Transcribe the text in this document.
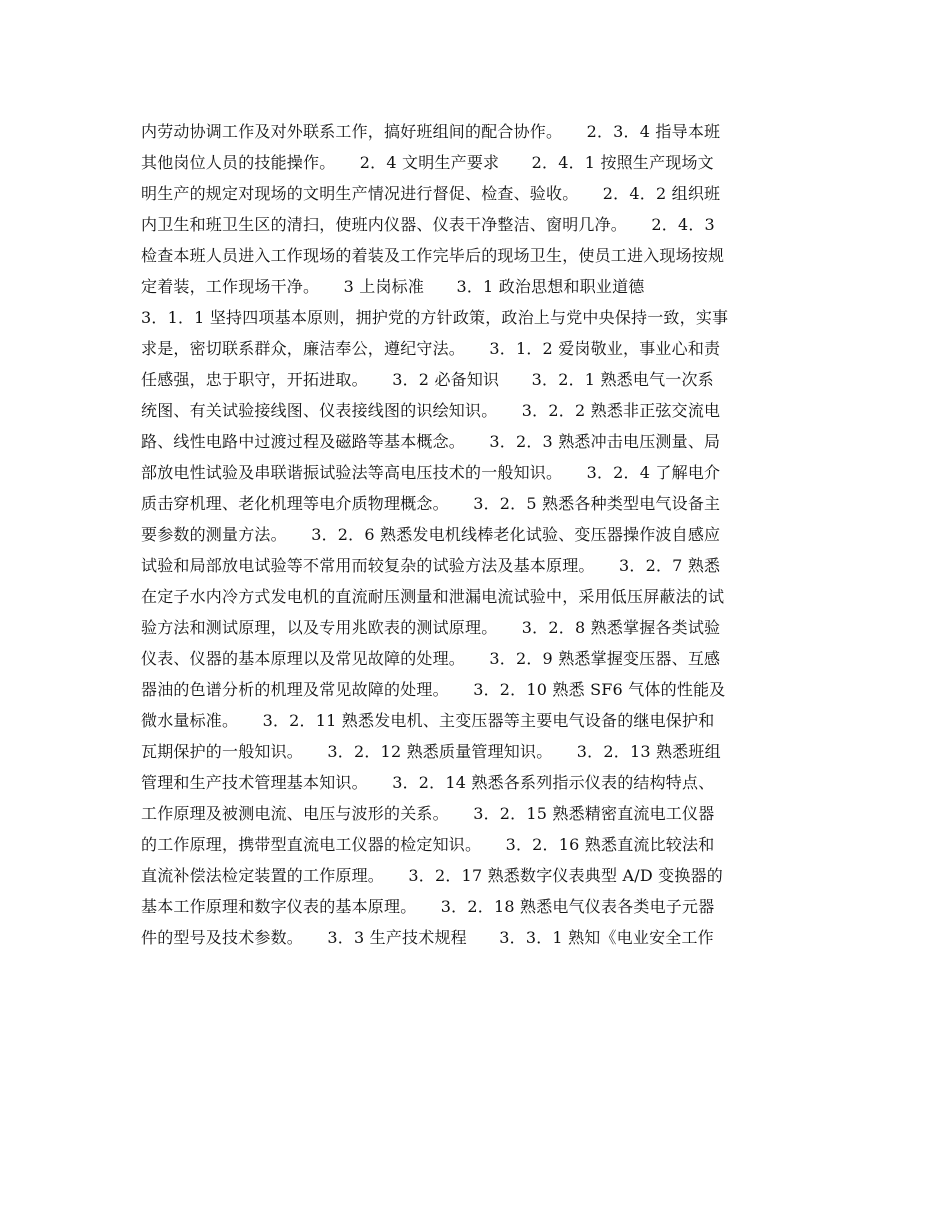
内劳动协调工作及对外联系工作，搞好班组间的配合协作。　　2．3．4 指导本班

其他岗位人员的技能操作。　　2．4 文明生产要求　　2．4．1 按照生产现场文

明生产的规定对现场的文明生产情况进行督促、检查、验收。　　2．4．2 组织班

内卫生和班卫生区的清扫，使班内仪器、仪表干净整洁、窗明几净。　　2．4．3

检查本班人员进入工作现场的着装及工作完毕后的现场卫生，使员工进入现场按规

定着装，工作现场干净。　　3 上岗标准　　3．1 政治思想和职业道德

3．1．1 坚持四项基本原则，拥护党的方针政策，政治上与党中央保持一致，实事

求是，密切联系群众，廉洁奉公，遵纪守法。　　3．1．2 爱岗敬业，事业心和责

任感强，忠于职守，开拓进取。　　3．2 必备知识　　3．2．1 熟悉电气一次系

统图、有关试验接线图、仪表接线图的识绘知识。　　3．2．2 熟悉非正弦交流电

路、线性电路中过渡过程及磁路等基本概念。　　3．2．3 熟悉冲击电压测量、局

部放电性试验及串联谐振试验法等高电压技术的一般知识。　　3．2．4 了解电介

质击穿机理、老化机理等电介质物理概念。　　3．2．5 熟悉各种类型电气设备主

要参数的测量方法。　　3．2．6 熟悉发电机线棒老化试验、变压器操作波自感应

试验和局部放电试验等不常用而较复杂的试验方法及基本原理。　　3．2．7 熟悉

在定子水内冷方式发电机的直流耐压测量和泄漏电流试验中，采用低压屏蔽法的试

验方法和测试原理，以及专用兆欧表的测试原理。　　3．2．8 熟悉掌握各类试验

仪表、仪器的基本原理以及常见故障的处理。　　3．2．9 熟悉掌握变压器、互感

器油的色谱分析的机理及常见故障的处理。　　3．2．10 熟悉 SF6 气体的性能及

微水量标准。　　3．2．11 熟悉发电机、主变压器等主要电气设备的继电保护和

瓦期保护的一般知识。　　3．2．12 熟悉质量管理知识。　　3．2．13 熟悉班组

管理和生产技术管理基本知识。　　3．2．14 熟悉各系列指示仪表的结构特点、

工作原理及被测电流、电压与波形的关系。　　3．2．15 熟悉精密直流电工仪器

的工作原理，携带型直流电工仪器的检定知识。　　3．2．16 熟悉直流比较法和

直流补偿法检定装置的工作原理。　　3．2．17 熟悉数字仪表典型 A/D 变换器的

基本工作原理和数字仪表的基本原理。　　3．2．18 熟悉电气仪表各类电子元器

件的型号及技术参数。　　3．3 生产技术规程　　3．3．1 熟知《电业安全工作
